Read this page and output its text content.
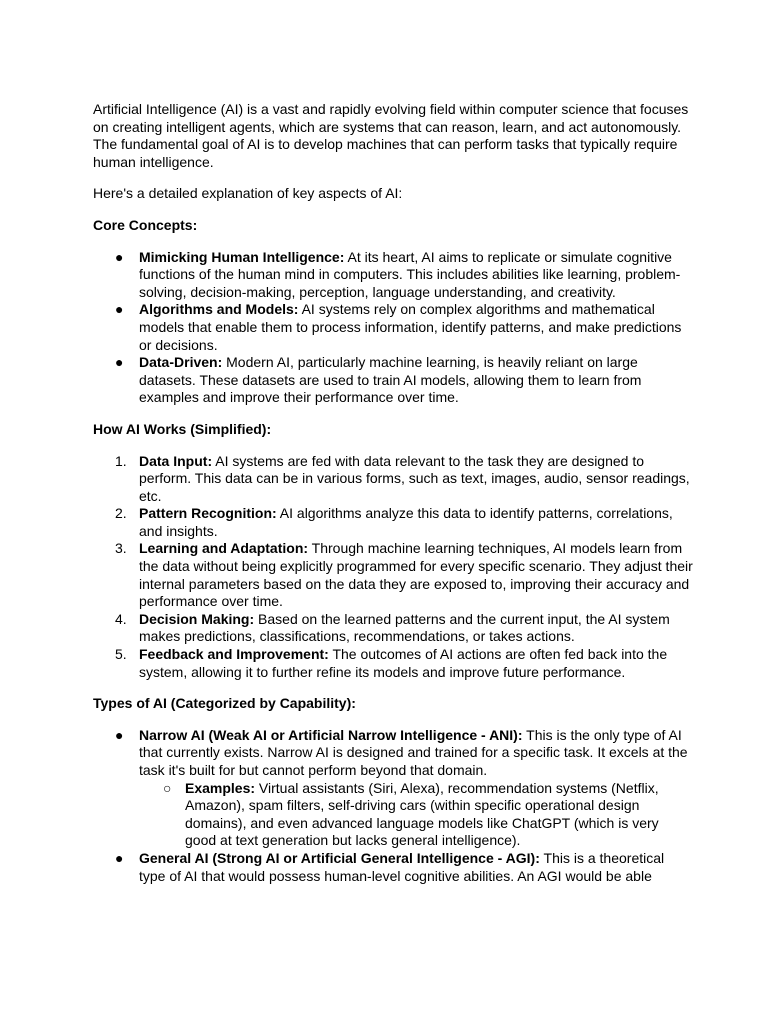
Artificial Intelligence (AI) is a vast and rapidly evolving field within computer science that focuses on creating intelligent agents, which are systems that can reason, learn, and act autonomously. The fundamental goal of AI is to develop machines that can perform tasks that typically require human intelligence.

Here's a detailed explanation of key aspects of AI:

Core Concepts:

●	Mimicking Human Intelligence: At its heart, AI aims to replicate or simulate cognitive functions of the human mind in computers. This includes abilities like learning, problem-solving, decision-making, perception, language understanding, and creativity.
●	Algorithms and Models: AI systems rely on complex algorithms and mathematical models that enable them to process information, identify patterns, and make predictions or decisions.
●	Data-Driven: Modern AI, particularly machine learning, is heavily reliant on large datasets. These datasets are used to train AI models, allowing them to learn from examples and improve their performance over time.

How AI Works (Simplified):

1. Data Input: AI systems are fed with data relevant to the task they are designed to perform. This data can be in various forms, such as text, images, audio, sensor readings, etc.
2. Pattern Recognition: AI algorithms analyze this data to identify patterns, correlations, and insights.
3. Learning and Adaptation: Through machine learning techniques, AI models learn from the data without being explicitly programmed for every specific scenario. They adjust their internal parameters based on the data they are exposed to, improving their accuracy and performance over time.
4. Decision Making: Based on the learned patterns and the current input, the AI system makes predictions, classifications, recommendations, or takes actions.
5. Feedback and Improvement: The outcomes of AI actions are often fed back into the system, allowing it to further refine its models and improve future performance.

Types of AI (Categorized by Capability):

●	Narrow AI (Weak AI or Artificial Narrow Intelligence - ANI): This is the only type of AI that currently exists. Narrow AI is designed and trained for a specific task. It excels at the task it's built for but cannot perform beyond that domain.
○ Examples: Virtual assistants (Siri, Alexa), recommendation systems (Netflix, Amazon), spam filters, self-driving cars (within specific operational design domains), and even advanced language models like ChatGPT (which is very good at text generation but lacks general intelligence).
●	General AI (Strong AI or Artificial General Intelligence - AGI): This is a theoretical type of AI that would possess human-level cognitive abilities. An AGI would be able
